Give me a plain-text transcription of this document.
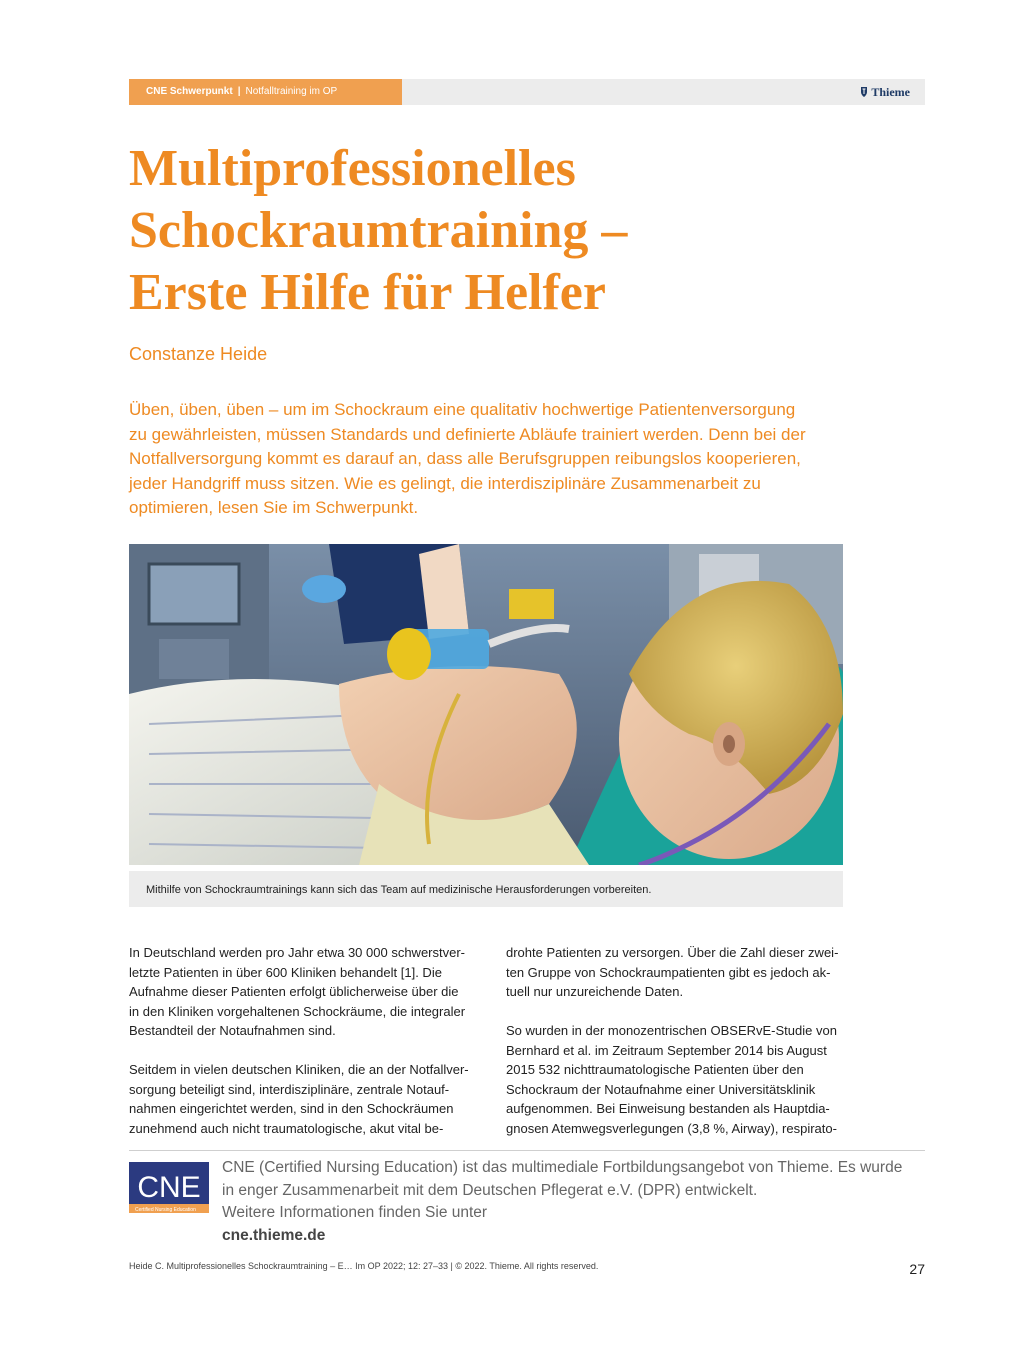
CNE Schwerpunkt | Notfalltraining im OP	Thieme
Multiprofessionelles
Schockraumtraining –
Erste Hilfe für Helfer
Constanze Heide
Üben, üben, üben – um im Schockraum eine qualitativ hochwertige Patientenversorgung
zu gewährleisten, müssen Standards und definierte Abläufe trainiert werden. Denn bei der
Notfallversorgung kommt es darauf an, dass alle Berufsgruppen reibungslos kooperieren,
jeder Handgriff muss sitzen. Wie es gelingt, die interdisziplinäre Zusammenarbeit zu
optimieren, lesen Sie im Schwerpunkt.
Mithilfe von Schockraumtrainings kann sich das Team auf medizinische Herausforderungen vorbereiten.
In Deutschland werden pro Jahr etwa 30 000 schwerstver-
letzte Patienten in über 600 Kliniken behandelt [1]. Die
Aufnahme dieser Patienten erfolgt üblicherweise über die
in den Kliniken vorgehaltenen Schockräume, die integraler
Bestandteil der Notaufnahmen sind.
Seitdem in vielen deutschen Kliniken, die an der Notfallver-
sorgung beteiligt sind, interdisziplinäre, zentrale Notauf-
nahmen eingerichtet werden, sind in den Schockräumen
zunehmend auch nicht traumatologische, akut vital be-
drohte Patienten zu versorgen. Über die Zahl dieser zwei-
ten Gruppe von Schockraumpatienten gibt es jedoch ak-
tuell nur unzureichende Daten.
So wurden in der monozentrischen OBSERvE-Studie von
Bernhard et al. im Zeitraum September 2014 bis August
2015 532 nichttraumatologische Patienten über den
Schockraum der Notaufnahme einer Universitätsklinik
aufgenommen. Bei Einweisung bestanden als Hauptdia-
gnosen Atemwegsverlegungen (3,8 %, Airway), respirato-
CNE
Certified Nursing Education
CNE (Certified Nursing Education) ist das multimediale Fortbildungsangebot von Thieme. Es wurde
in enger Zusammenarbeit mit dem Deutschen Pflegerat e.V. (DPR) entwickelt.
Weitere Informationen finden Sie unter
cne.thieme.de
Heide C. Multiprofessionelles Schockraumtraining – E… Im OP 2022; 12: 27–33 | © 2022. Thieme. All rights reserved.	27
